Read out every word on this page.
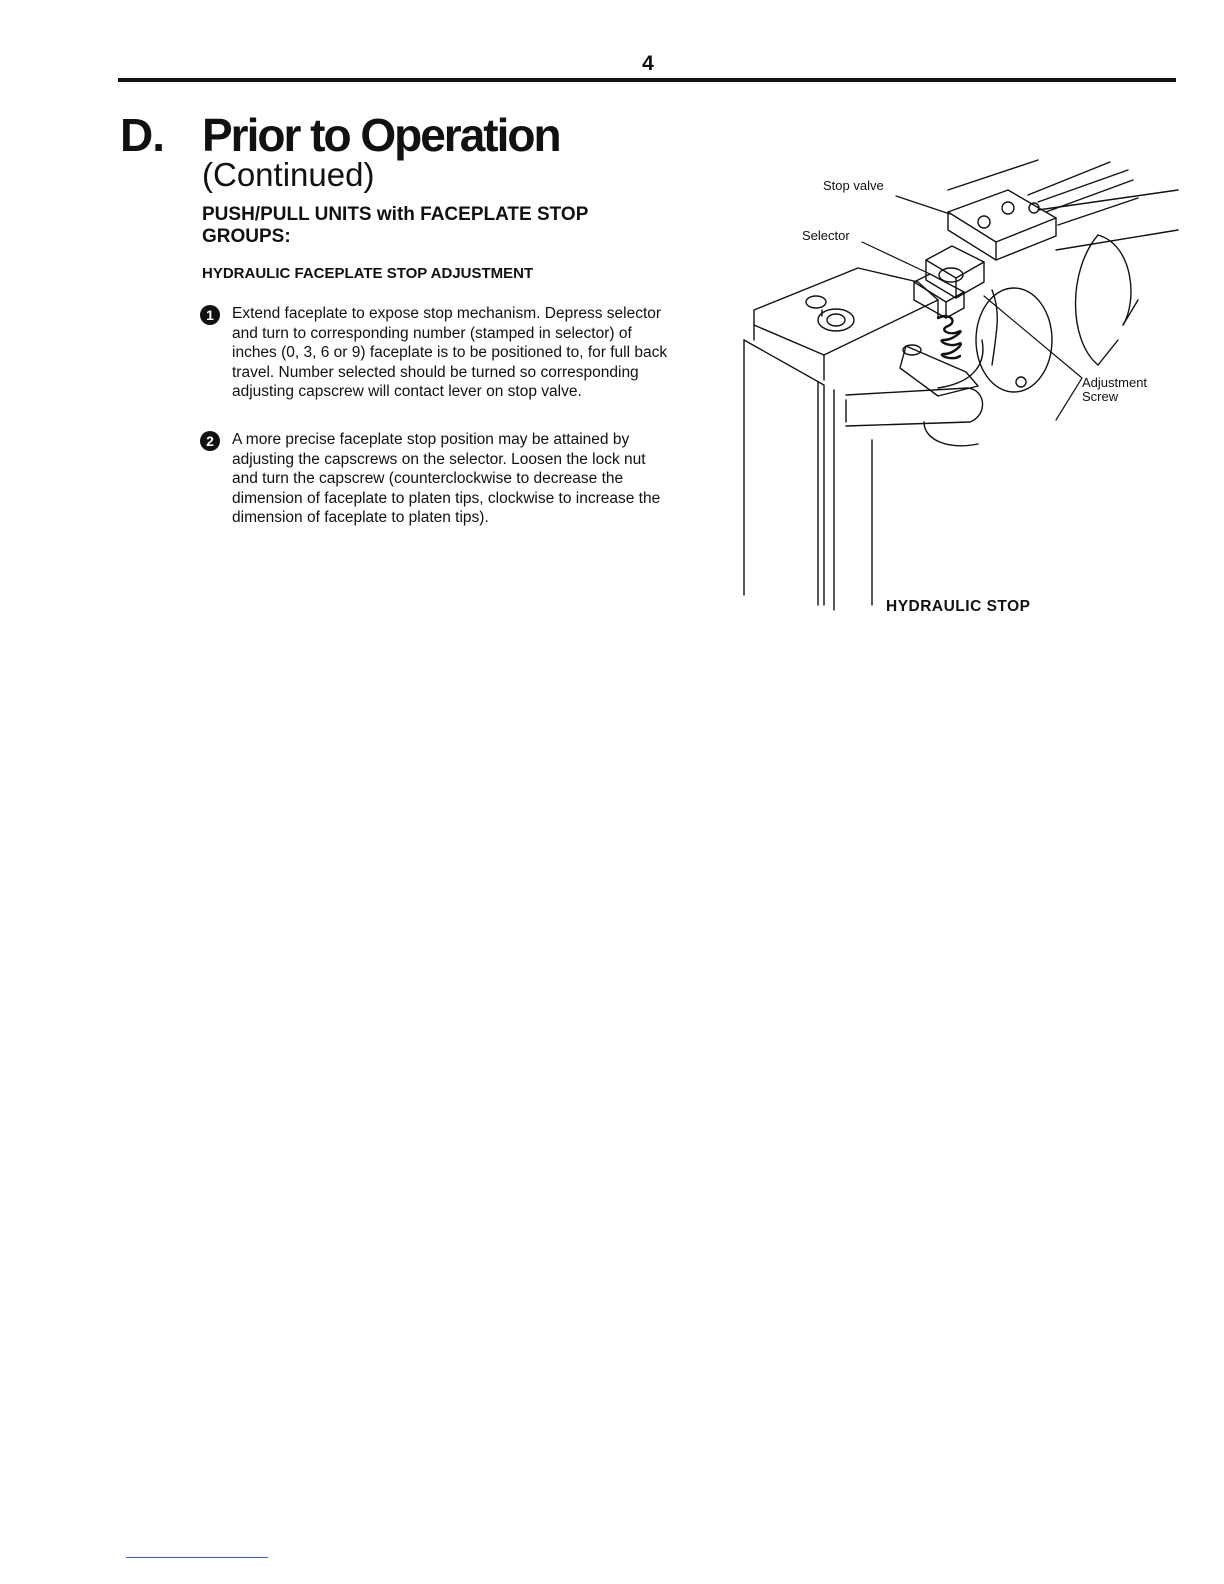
4
D. Prior to Operation
(Continued)
PUSH/PULL UNITS with FACEPLATE STOP GROUPS:
HYDRAULIC FACEPLATE STOP ADJUSTMENT
1	Extend faceplate to expose stop mechanism. Depress selector and turn to corresponding number (stamped in selector) of inches (0, 3, 6 or 9) faceplate is to be positioned to, for full back travel. Number selected should be turned so corresponding adjusting capscrew will contact lever on stop valve.
2	A more precise faceplate stop position may be attained by adjusting the capscrews on the selector. Loosen the lock nut and turn the capscrew (counterclockwise to decrease the dimension of faceplate to platen tips, clockwise to increase the dimension of faceplate to platen tips).
Stop valve
Selector
Adjustment
Screw
HYDRAULIC STOP
